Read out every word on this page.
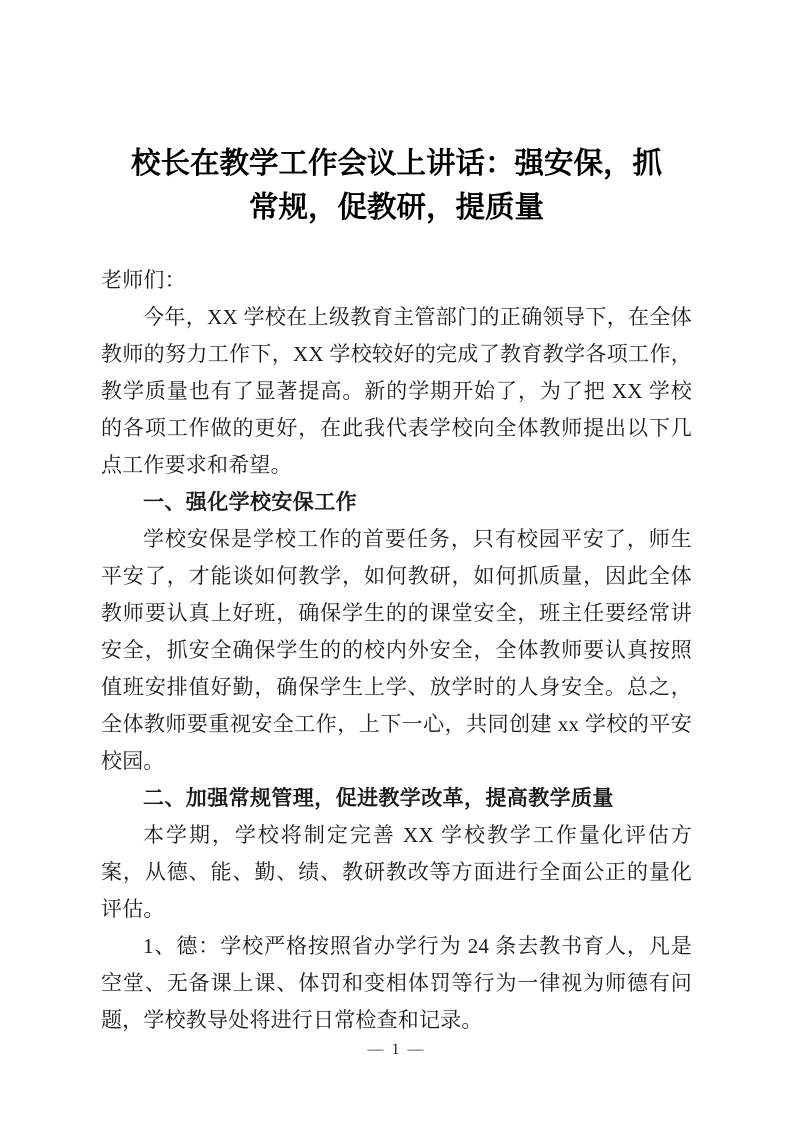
校长在教学工作会议上讲话：强安保，抓
常规，促教研，提质量

老师们：

今年，XX 学校在上级教育主管部门的正确领导下，在全体教师的努力工作下，XX 学校较好的完成了教育教学各项工作，教学质量也有了显著提高。新的学期开始了，为了把 XX 学校的各项工作做的更好，在此我代表学校向全体教师提出以下几点工作要求和希望。

一、强化学校安保工作

学校安保是学校工作的首要任务，只有校园平安了，师生平安了，才能谈如何教学，如何教研，如何抓质量，因此全体教师要认真上好班，确保学生的的课堂安全，班主任要经常讲安全，抓安全确保学生的的校内外安全，全体教师要认真按照值班安排值好勤，确保学生上学、放学时的人身安全。总之，全体教师要重视安全工作，上下一心，共同创建 xx 学校的平安校园。

二、加强常规管理，促进教学改革，提高教学质量

本学期，学校将制定完善 XX 学校教学工作量化评估方案，从德、能、勤、绩、教研教改等方面进行全面公正的量化评估。

1、德：学校严格按照省办学行为 24 条去教书育人，凡是空堂、无备课上课、体罚和变相体罚等行为一律视为师德有问题，学校教导处将进行日常检查和记录。

— 1 —
